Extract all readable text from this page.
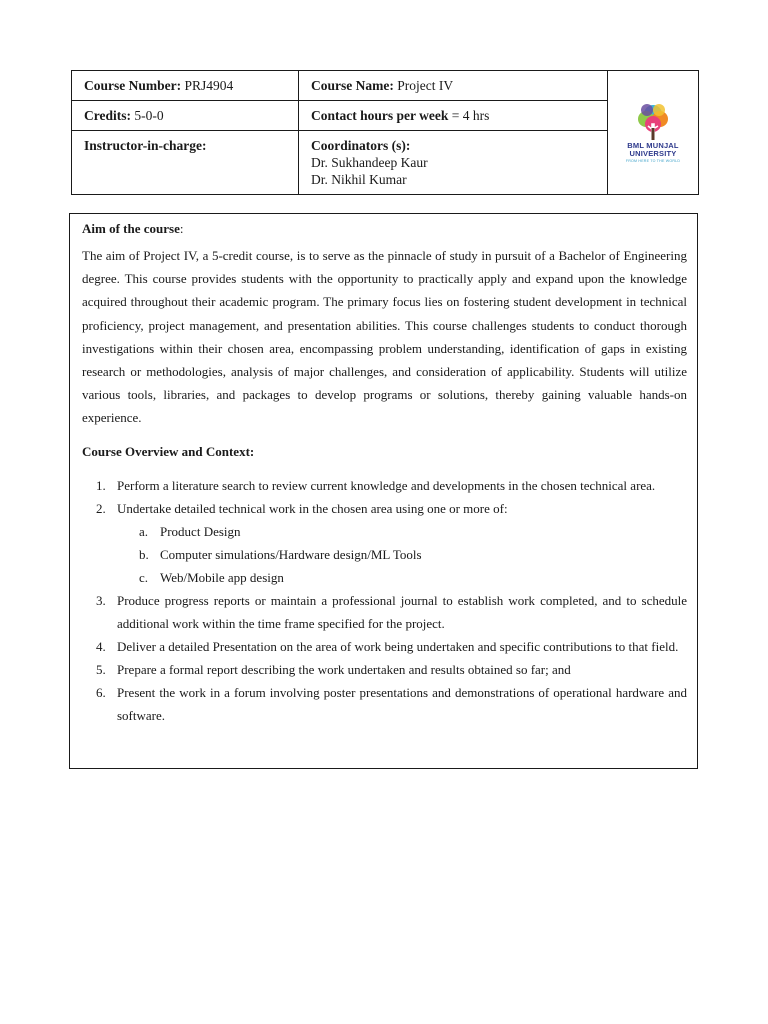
Course Number: PRJ4904	Course Name: Project IV	BML MUNJAL
UNIVERSITY
FROM HERE TO THE WORLD

Credits: 5-0-0	Contact hours per week = 4 hrs	
Instructor-in-charge:	Coordinators (s):
Dr. Sukhandeep Kaur
Dr. Nikhil Kumar	

Aim of the course:

The aim of Project IV, a 5-credit course, is to serve as the pinnacle of study in pursuit of a Bachelor of Engineering degree. This course provides students with the opportunity to practically apply and expand upon the knowledge acquired throughout their academic program. The primary focus lies on fostering student development in technical proficiency, project management, and presentation abilities. This course challenges students to conduct thorough investigations within their chosen area, encompassing problem understanding, identification of gaps in existing research or methodologies, analysis of major challenges, and consideration of applicability. Students will utilize various tools, libraries, and packages to develop programs or solutions, thereby gaining valuable hands-on experience.

Course Overview and Context:

1. Perform a literature search to review current knowledge and developments in the chosen technical area.
2. Undertake detailed technical work in the chosen area using one or more of:
a. Product Design
b. Computer simulations/Hardware design/ML Tools
c. Web/Mobile app design
3. Produce progress reports or maintain a professional journal to establish work completed, and to schedule additional work within the time frame specified for the project.
4. Deliver a detailed Presentation on the area of work being undertaken and specific contributions to that field.
5. Prepare a formal report describing the work undertaken and results obtained so far; and
6. Present the work in a forum involving poster presentations and demonstrations of operational hardware and software.
